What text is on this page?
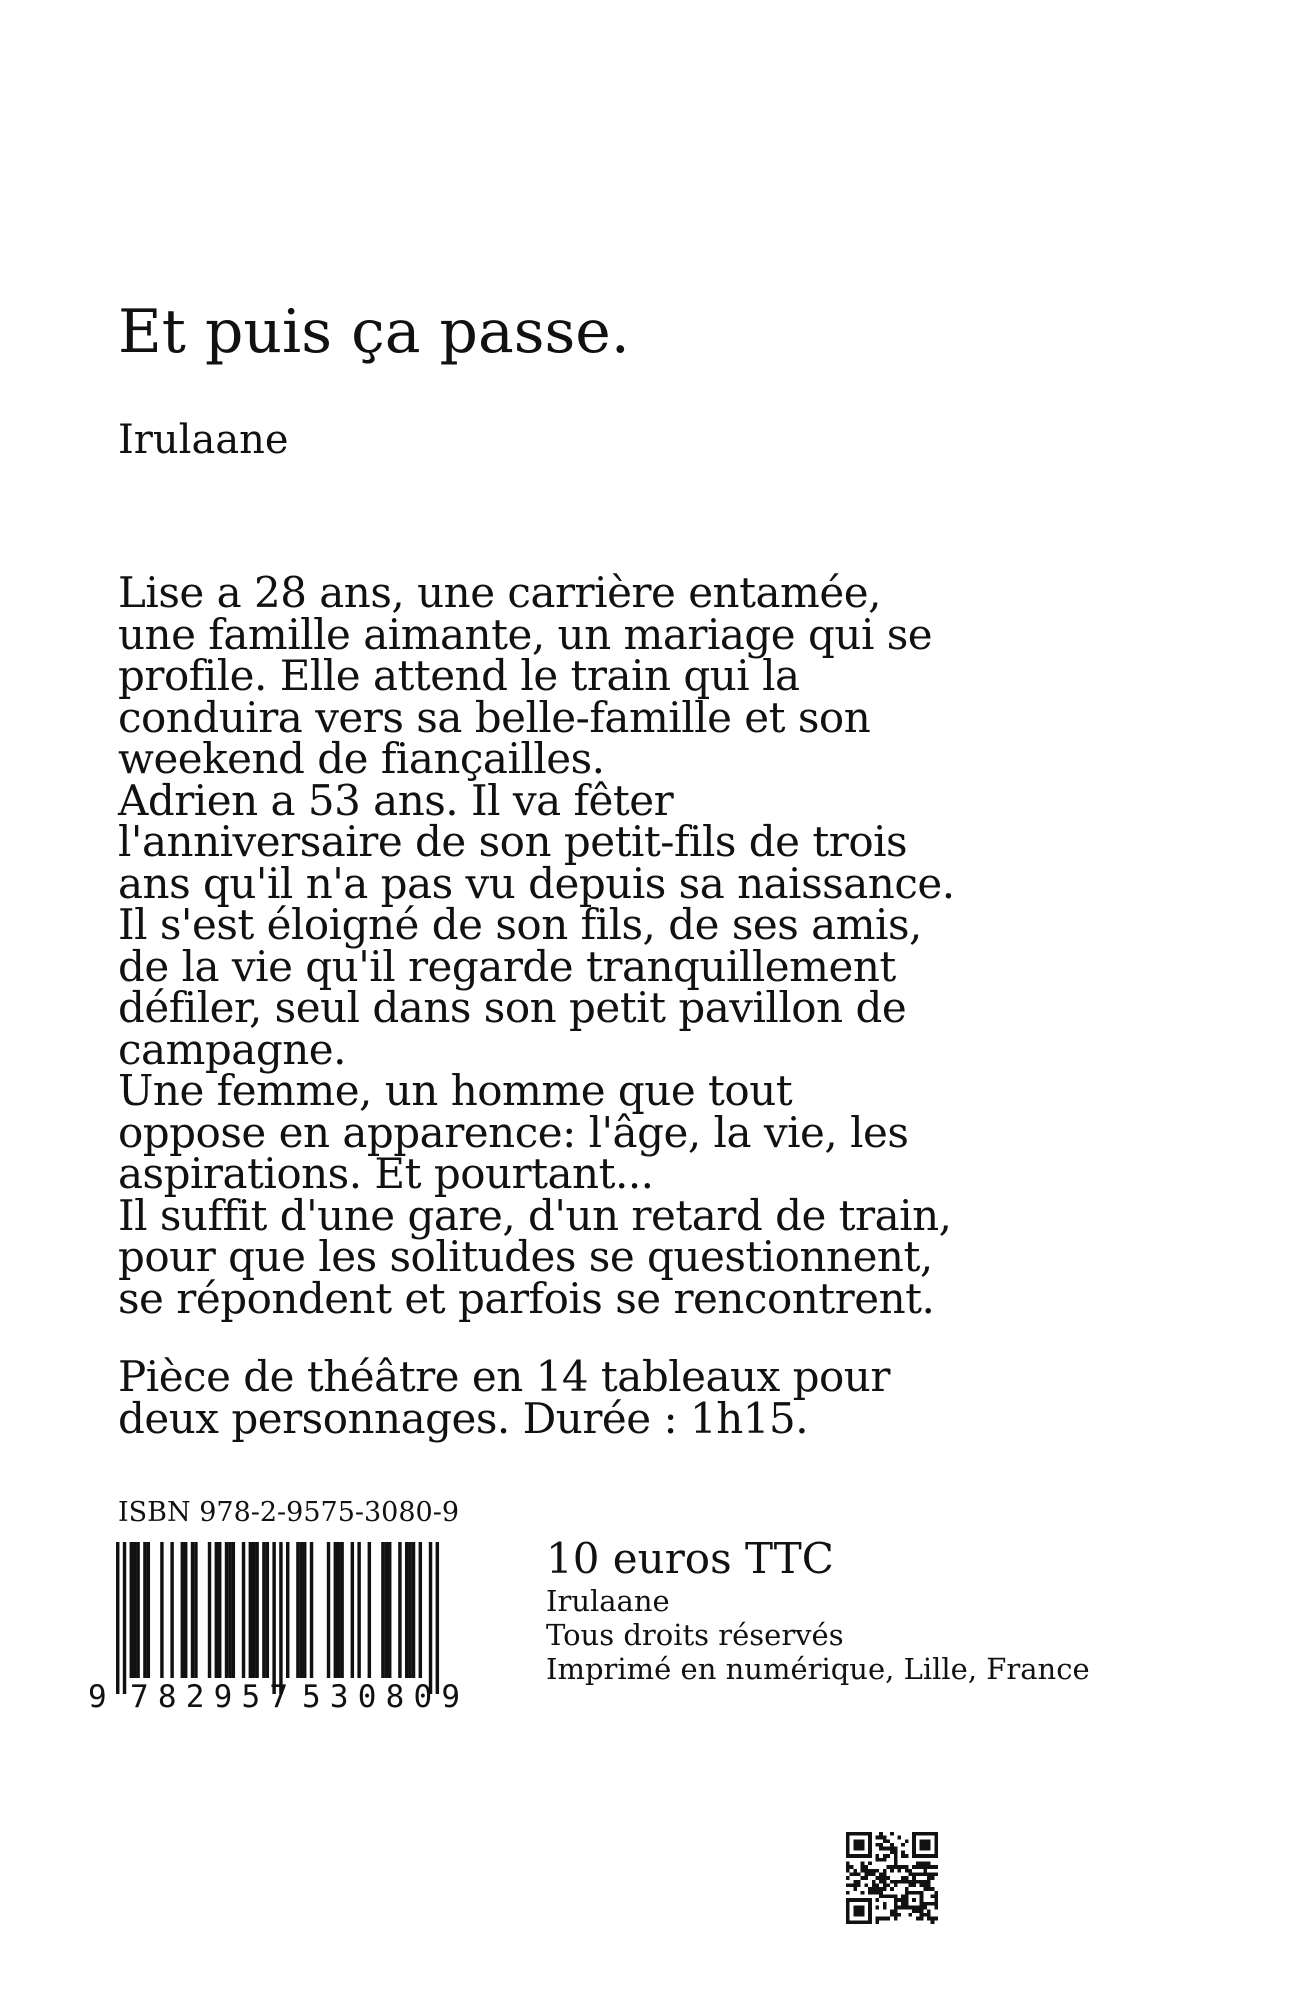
Et puis ça passe.
Irulaane
Lise a 28 ans, une carrière entamée,
une famille aimante, un mariage qui se
profile. Elle attend le train qui la
conduira vers sa belle-famille et son
weekend de fiançailles.
Adrien a 53 ans. Il va fêter
l'anniversaire de son petit-fils de trois
ans qu'il n'a pas vu depuis sa naissance.
Il s'est éloigné de son fils, de ses amis,
de la vie qu'il regarde tranquillement
défiler, seul dans son petit pavillon de
campagne.
Une femme, un homme que tout
oppose en apparence: l'âge, la vie, les
aspirations. Et pourtant...
Il suffit d'une gare, d'un retard de train,
pour que les solitudes se questionnent,
se répondent et parfois se rencontrent.
Pièce de théâtre en 14 tableaux pour
deux personnages. Durée : 1h15.
ISBN 978-2-9575-3080-9
9 782957 530809
10 euros TTC
Irulaane
Tous droits réservés
Imprimé en numérique, Lille, France
